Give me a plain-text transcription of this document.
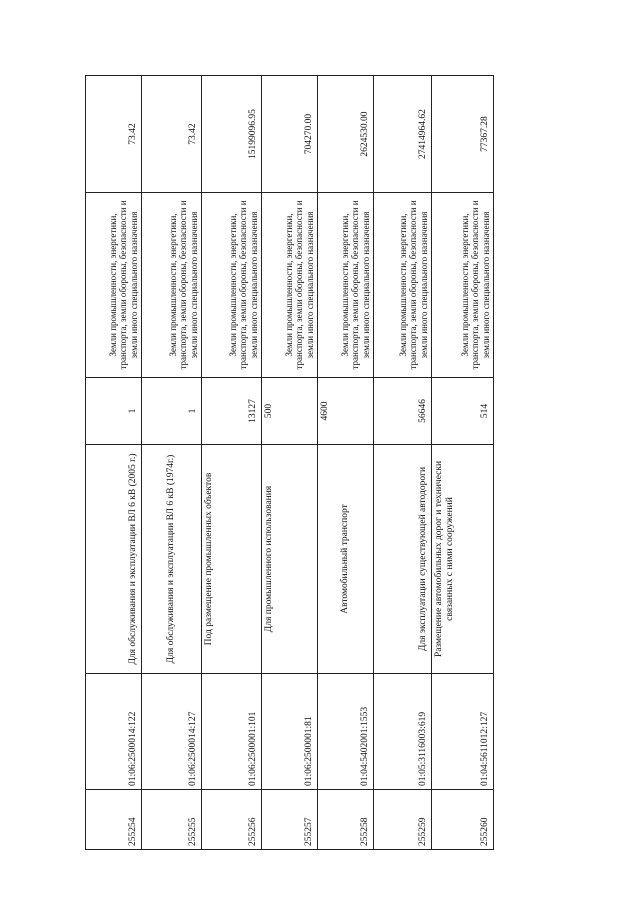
255254	01:06:2500014:122	Для обслуживания и эксплуатации ВЛ 6 кВ (2005 г.)	1	Земли промышленности, энергетики, транспорта, земли обороны, безопасности и земли иного специального назначения	73.42
255255	01:06:2500014:127	Для обслуживания и эксплуатации ВЛ 6 кВ (1974г.)	1	Земли промышленности, энергетики, транспорта, земли обороны, безопасности и земли иного специального назначения	73.42
255256	01:06:2500001:101	Под размещение промышленных объектов	13127	Земли промышленности, энергетики, транспорта, земли обороны, безопасности и земли иного специального назначения	15199096.95
255257	01:06:2500001:81	Для промышленного использования	500	Земли промышленности, энергетики, транспорта, земли обороны, безопасности и земли иного специального назначения	704270.00
255258	01:04:5402001:1553	Автомобильный транспорт	4600	Земли промышленности, энергетики, транспорта, земли обороны, безопасности и земли иного специального назначения	2624530.00
255259	01:05:3116003:619	Для эксплуатации существующей автодороги	56646	Земли промышленности, энергетики, транспорта, земли обороны, безопасности и земли иного специального назначения	27414964.62
255260	01:04:5611012:127	Размещение автомобильных дорог и технически связанных с ними сооружений	514	Земли промышленности, энергетики, транспорта, земли обороны, безопасности и земли иного специального назначения	77367.28
